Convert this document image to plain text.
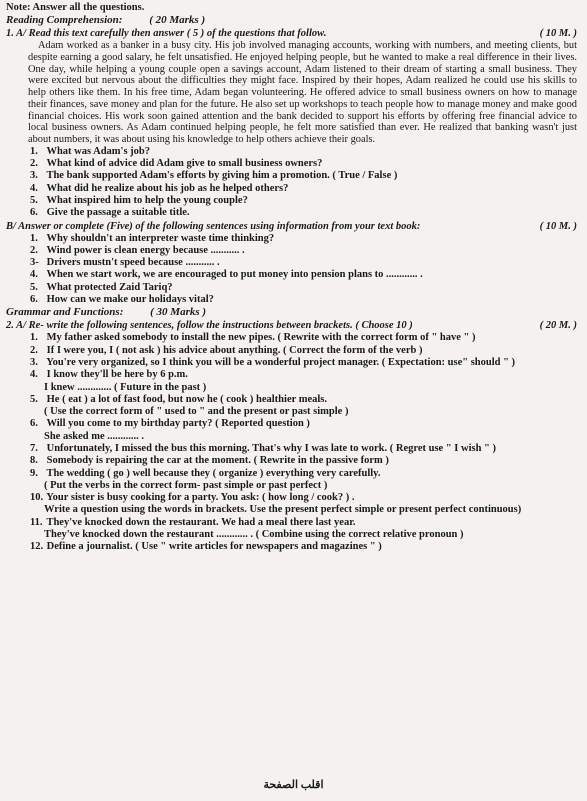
Note: Answer all the questions.
Reading Comprehension: ( 20 Marks )
1. A/ Read this text carefully then answer ( 5 ) of the questions that follow.	( 10 M. )

Adam worked as a banker in a busy city. His job involved managing accounts, working with numbers, and meeting clients, but despite earning a good salary, he felt unsatisfied. He enjoyed helping people, but he wanted to make a real difference in their lives. One day, while helping a young couple open a savings account, Adam listened to their dream of starting a small business. They were excited but nervous about the difficulties they might face. Inspired by their hopes, Adam realized he could use his skills to help others like them. In his free time, Adam began volunteering. He offered advice to small business owners on how to manage their finances, save money and plan for the future. He also set up workshops to teach people how to manage money and make good financial choices. His work soon gained attention and the bank decided to support his efforts by offering free financial advice to local business owners. As Adam continued helping people, he felt more satisfied than ever. He realized that banking wasn't just about numbers, it was about using his knowledge to help others achieve their goals.

1. What was Adam's job?
2. What kind of advice did Adam give to small business owners?
3. The bank supported Adam's efforts by giving him a promotion. ( True / False )
4. What did he realize about his job as he helped others?
5. What inspired him to help the young couple?
6. Give the passage a suitable title.
B/ Answer or complete (Five) of the following sentences using information from your text book:	( 10 M. )
1. Why shouldn't an interpreter waste time thinking?
2. Wind power is clean energy because ........... .
3- Drivers mustn't speed because ........... .
4. When we start work, we are encouraged to put money into pension plans to ............ .
5. What protected Zaid Tariq?
6. How can we make our holidays vital?
Grammar and Functions: ( 30 Marks )
2. A/ Re- write the following sentences, follow the instructions between brackets. ( Choose 10 )	( 20 M. )
1. My father asked somebody to install the new pipes. ( Rewrite with the correct form of " have " )
2. If I were you, I ( not ask ) his advice about anything. ( Correct the form of the verb )
3. You're very organized, so I think you will be a wonderful project manager. ( Expectation: use" should " )
4. I know they'll be here by 6 p.m.
I knew ............. ( Future in the past )
5. He ( eat ) a lot of fast food, but now he ( cook ) healthier meals.
( Use the correct form of " used to " and the present or past simple )
6. Will you come to my birthday party? ( Reported question )
She asked me ............ .
7. Unfortunately, I missed the bus this morning. That's why I was late to work. ( Regret use " I wish " )
8. Somebody is repairing the car at the moment. ( Rewrite in the passive form )
9. The wedding ( go ) well because they ( organize ) everything very carefully.
( Put the verbs in the correct form- past simple or past perfect )
10. Your sister is busy cooking for a party. You ask: ( how long / cook? ) .
Write a question using the words in brackets. Use the present perfect simple or present perfect continuous)
11. They've knocked down the restaurant. We had a meal there last year.
They've knocked down the restaurant ............ . ( Combine using the correct relative pronoun )
12. Define a journalist. ( Use " write articles for newspapers and magazines " )
اقلب الصفحة
